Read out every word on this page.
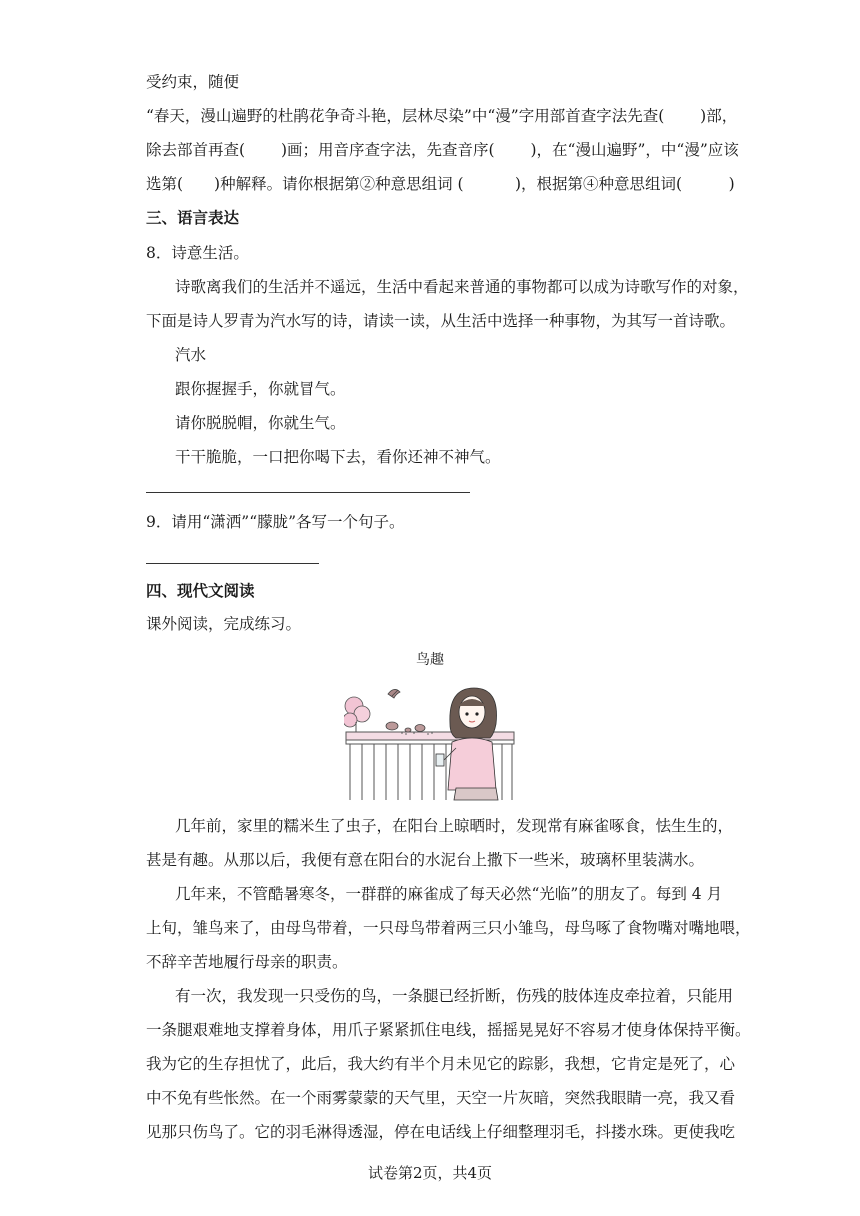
受约束，随便
“春天，漫山遍野的杜鹃花争奇斗艳，层林尽染”中“漫”字用部首查字法先查(　　 )部，
除去部首再查(　　 )画；用音序查字法，先查音序(　　 )，在“漫山遍野”，中“漫”应该
选第(　　)种解释。请你根据第②种意思组词 (　　　 )，根据第④种意思组词(　　　)
三、语言表达
8．诗意生活。
诗歌离我们的生活并不遥远，生活中看起来普通的事物都可以成为诗歌写作的对象，
下面是诗人罗青为汽水写的诗，请读一读，从生活中选择一种事物，为其写一首诗歌。
汽水
跟你握握手，你就冒气。
请你脱脱帽，你就生气。
干干脆脆，一口把你喝下去，看你还神不神气。
9．请用“潇洒”“朦胧”各写一个句子。
四、现代文阅读
课外阅读，完成练习。
鸟趣
几年前，家里的糯米生了虫子，在阳台上晾晒时，发现常有麻雀啄食，怯生生的，
甚是有趣。从那以后，我便有意在阳台的水泥台上撒下一些米，玻璃杯里装满水。
几年来，不管酷暑寒冬，一群群的麻雀成了每天必然“光临”的朋友了。每到 4 月
上旬，雏鸟来了，由母鸟带着，一只母鸟带着两三只小雏鸟，母鸟啄了食物嘴对嘴地喂，
不辞辛苦地履行母亲的职责。
有一次，我发现一只受伤的鸟，一条腿已经折断，伤残的肢体连皮牵拉着，只能用
一条腿艰难地支撑着身体，用爪子紧紧抓住电线，摇摇晃晃好不容易才使身体保持平衡。
我为它的生存担忧了，此后，我大约有半个月未见它的踪影，我想，它肯定是死了，心
中不免有些怅然。在一个雨雾蒙蒙的天气里，天空一片灰暗，突然我眼睛一亮，我又看
见那只伤鸟了。它的羽毛淋得透湿，停在电话线上仔细整理羽毛，抖搂水珠。更使我吃
试卷第2页，共4页
